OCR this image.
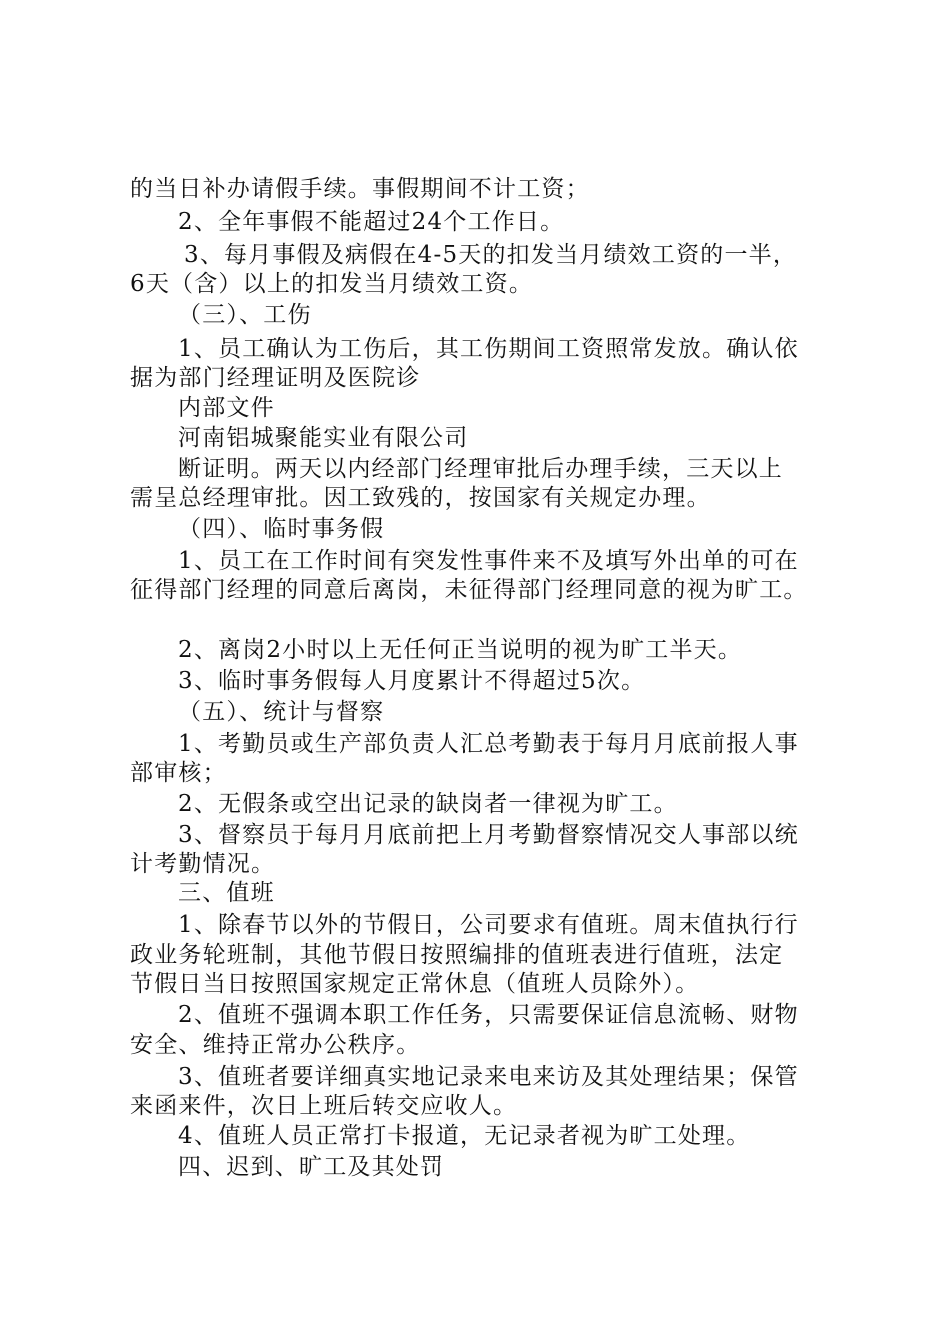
的当日补办请假手续。事假期间不计工资；
2、全年事假不能超过24个工作日。
3、每月事假及病假在4-5天的扣发当月绩效工资的一半，
6天（含）以上的扣发当月绩效工资。
（三）、工伤
1、员工确认为工伤后，其工伤期间工资照常发放。确认依
据为部门经理证明及医院诊
内部文件
河南铝城聚能实业有限公司
断证明。两天以内经部门经理审批后办理手续，三天以上
需呈总经理审批。因工致残的，按国家有关规定办理。
（四）、临时事务假
1、员工在工作时间有突发性事件来不及填写外出单的可在
征得部门经理的同意后离岗，未征得部门经理同意的视为旷工。
2、离岗2小时以上无任何正当说明的视为旷工半天。
3、临时事务假每人月度累计不得超过5次。
（五）、统计与督察
1、考勤员或生产部负责人汇总考勤表于每月月底前报人事
部审核；
2、无假条或空出记录的缺岗者一律视为旷工。
3、督察员于每月月底前把上月考勤督察情况交人事部以统
计考勤情况。
三、值班
1、除春节以外的节假日，公司要求有值班。周末值执行行
政业务轮班制，其他节假日按照编排的值班表进行值班，法定
节假日当日按照国家规定正常休息（值班人员除外）。
2、值班不强调本职工作任务，只需要保证信息流畅、财物
安全、维持正常办公秩序。
3、值班者要详细真实地记录来电来访及其处理结果；保管
来函来件，次日上班后转交应收人。
4、值班人员正常打卡报道，无记录者视为旷工处理。
四、迟到、旷工及其处罚
